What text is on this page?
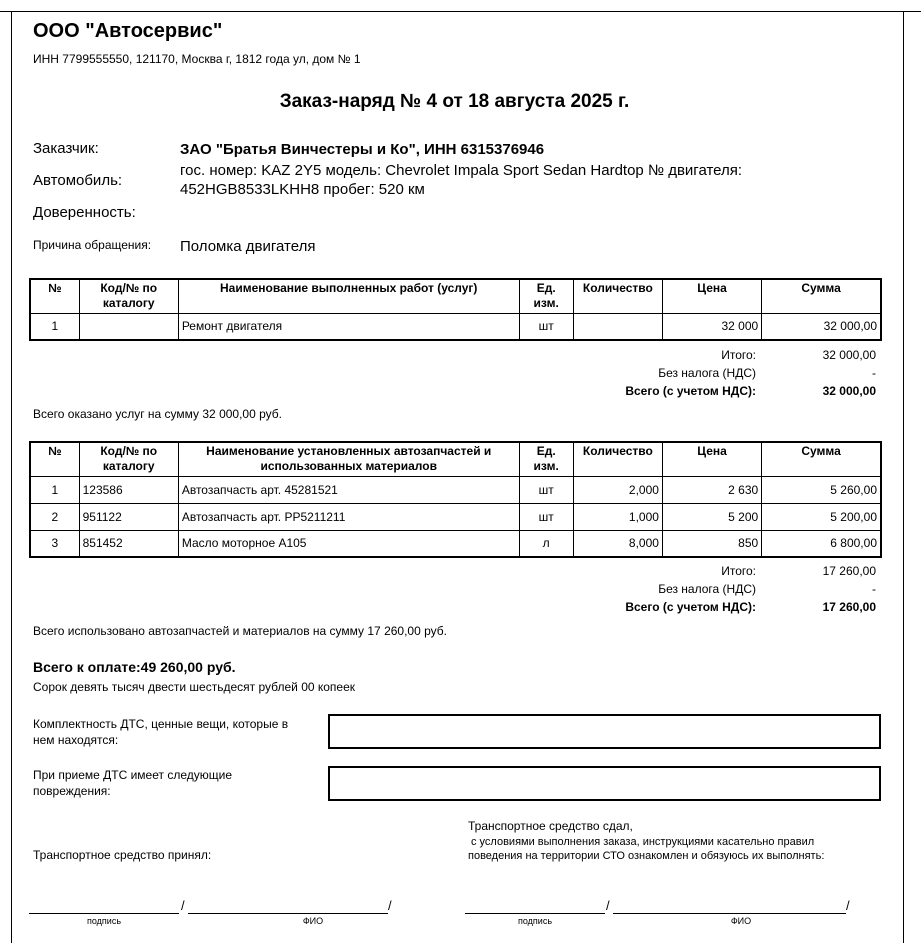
ООО "Автосервис"
ИНН 7799555550, 121170, Москва г, 1812 года ул, дом № 1
Заказ-наряд № 4 от 18 августа 2025 г.
Заказчик:	ЗАО "Братья Винчестеры и Ко", ИНН 6315376946
Автомобиль:
гос. номер: KAZ 2Y5 модель: Chevrolet Impala Sport Sedan Hardtop № двигателя:
452HGB8533LKHH8 пробег: 520 км
Доверенность:
Причина обращения: Поломка двигателя
№	Код/№ по каталогу	Наименование выполненных работ (услуг)	Ед. изм.	Количество	Цена	Сумма
1		Ремонт двигателя	шт		32 000	32 000,00
Итого:	32 000,00
Без налога (НДС)	-
Всего (с учетом НДС):	32 000,00
Всего оказано услуг на сумму 32 000,00 руб.
№	Код/№ по каталогу	Наименование установленных автозапчастей и использованных материалов	Ед. изм.	Количество	Цена	Сумма
1	123586	Автозапчасть арт. 45281521	шт	2,000	2 630	5 260,00
2	951122	Автозапчасть арт. PP5211211	шт	1,000	5 200	5 200,00
3	851452	Масло моторное А105	л	8,000	850	6 800,00
Итого:	17 260,00
Без налога (НДС)	-
Всего (с учетом НДС):	17 260,00
Всего использовано автозапчастей и материалов на сумму 17 260,00 руб.
Всего к оплате:49 260,00 руб.
Сорок девять тысяч двести шестьдесят рублей 00 копеек
Комплектность ДТС, ценные вещи, которые в
нем находятся:
При приеме ДТС имеет следующие
повреждения:
Транспортное средство принял:
Транспортное средство сдал,
с условиями выполнения заказа, инструкциями касательно правил
поведения на территории СТО ознакомлен и обязуюсь их выполнять:
/	/
подпись	ФИО
/	/
подпись	ФИО
